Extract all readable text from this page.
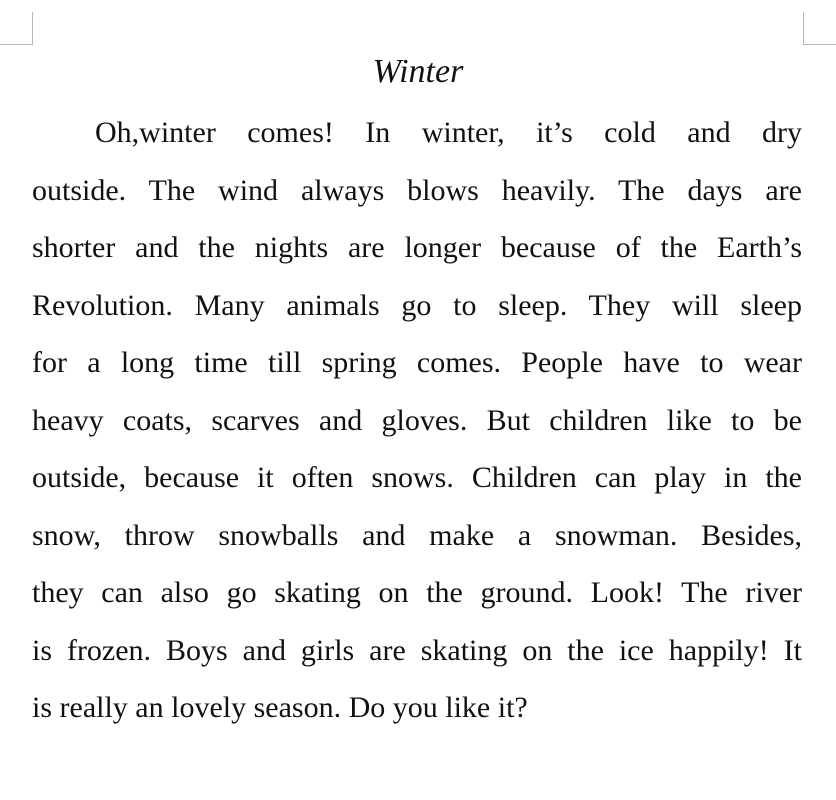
Winter
Oh,winter comes! In winter, it’s cold and dry
outside. The wind always blows heavily. The days are
shorter and the nights are longer because of the Earth’s
Revolution. Many animals go to sleep. They will sleep
for a long time till spring comes. People have to wear
heavy coats, scarves and gloves. But children like to be
outside, because it often snows. Children can play in the
snow, throw snowballs and make a snowman. Besides,
they can also go skating on the ground. Look! The river
is frozen. Boys and girls are skating on the ice happily! It
is really an lovely season. Do you like it?
